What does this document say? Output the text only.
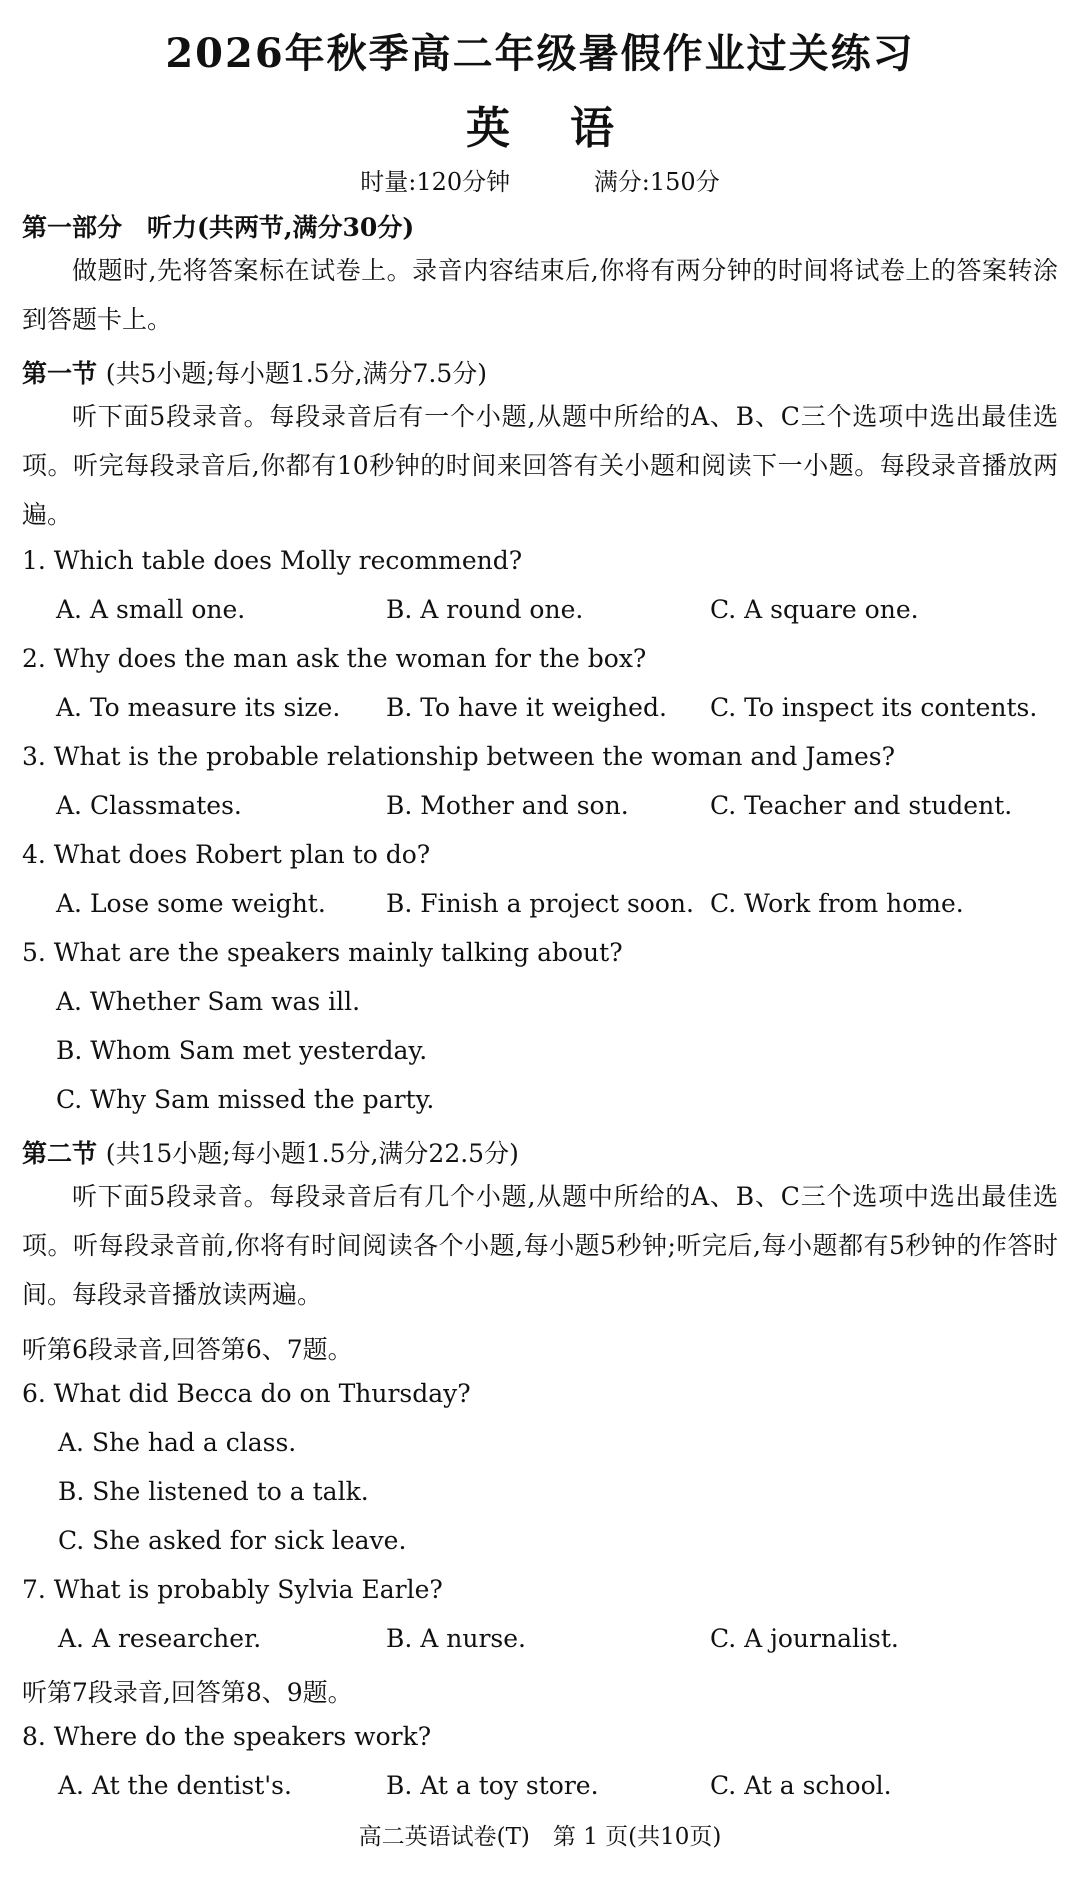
2026年秋季高二年级暑假作业过关练习
英语
时量:120分钟	满分:150分
第一部分　听力(共两节,满分30分)
做题时,先将答案标在试卷上。录音内容结束后,你将有两分钟的时间将试卷上的答案转涂到答题卡上。
第一节 (共5小题;每小题1.5分,满分7.5分)
听下面5段录音。每段录音后有一个小题,从题中所给的A、B、C三个选项中选出最佳选项。听完每段录音后,你都有10秒钟的时间来回答有关小题和阅读下一小题。每段录音播放两遍。
1. Which table does Molly recommend?
A. A small one.	B. A round one.	C. A square one.
2. Why does the man ask the woman for the box?
A. To measure its size. B. To have it weighed. C. To inspect its contents.
3. What is the probable relationship between the woman and James?
A. Classmates.	B. Mother and son.	C. Teacher and student.
4. What does Robert plan to do?
A. Lose some weight. B. Finish a project soon. C. Work from home.
5. What are the speakers mainly talking about?
A. Whether Sam was ill.
B. Whom Sam met yesterday.
C. Why Sam missed the party.
第二节 (共15小题;每小题1.5分,满分22.5分)
听下面5段录音。每段录音后有几个小题,从题中所给的A、B、C三个选项中选出最佳选项。听每段录音前,你将有时间阅读各个小题,每小题5秒钟;听完后,每小题都有5秒钟的作答时间。每段录音播放读两遍。
听第6段录音,回答第6、7题。
6. What did Becca do on Thursday?
A. She had a class.
B. She listened to a talk.
C. She asked for sick leave.
7. What is probably Sylvia Earle?
A. A researcher.	B. A nurse.	C. A journalist.
听第7段录音,回答第8、9题。
8. Where do the speakers work?
A. At the dentist's.	B. At a toy store.	C. At a school.
高二英语试卷(T)　第 1 页(共10页)
